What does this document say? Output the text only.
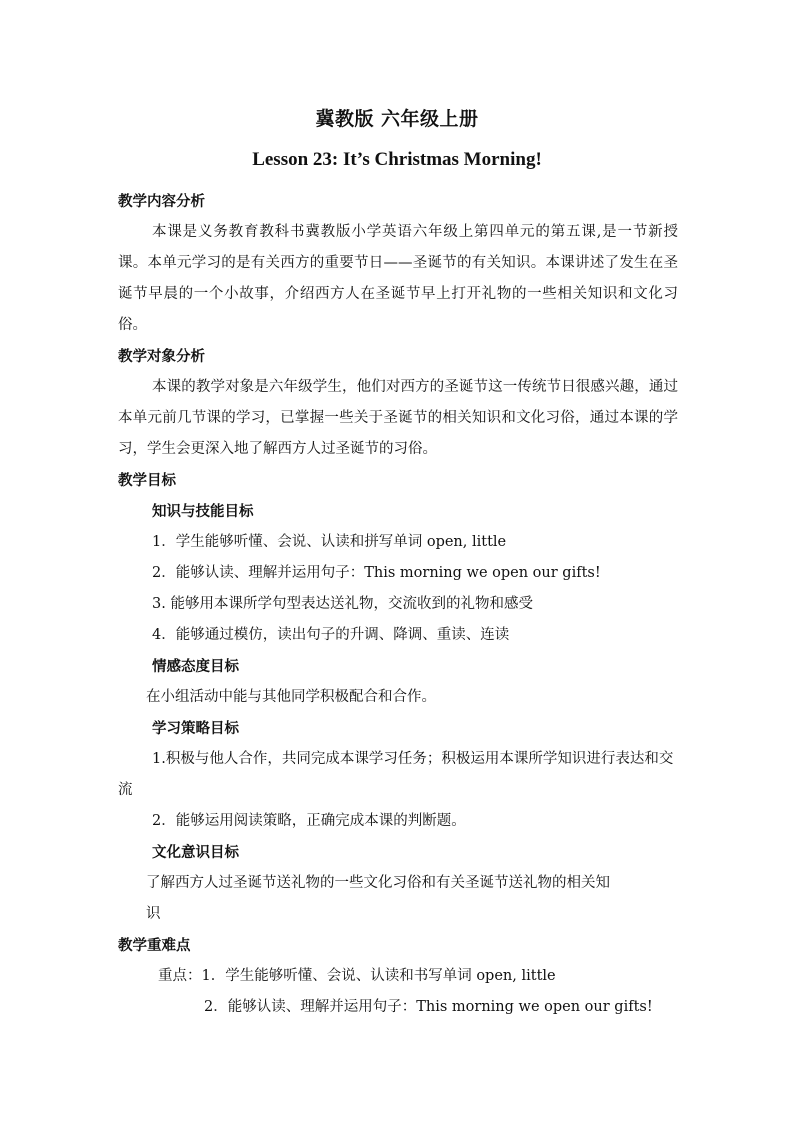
冀教版 六年级上册
Lesson 23: It’s Christmas Morning!

教学内容分析

本课是义务教育教科书冀教版小学英语六年级上第四单元的第五课,是一节新授课。本单元学习的是有关西方的重要节日——圣诞节的有关知识。本课讲述了发生在圣诞节早晨的一个小故事，介绍西方人在圣诞节早上打开礼物的一些相关知识和文化习俗。

教学对象分析

本课的教学对象是六年级学生，他们对西方的圣诞节这一传统节日很感兴趣，通过本单元前几节课的学习，已掌握一些关于圣诞节的相关知识和文化习俗，通过本课的学习，学生会更深入地了解西方人过圣诞节的习俗。

教学目标

知识与技能目标

1．学生能够听懂、会说、认读和拼写单词 open, little

2．能够认读、理解并运用句子：This morning we open our gifts!

3. 能够用本课所学句型表达送礼物，交流收到的礼物和感受

4．能够通过模仿，读出句子的升调、降调、重读、连读

情感态度目标

在小组活动中能与其他同学积极配合和合作。

学习策略目标

1.积极与他人合作，共同完成本课学习任务；积极运用本课所学知识进行表达和交流

2．能够运用阅读策略，正确完成本课的判断题。

文化意识目标

了解西方人过圣诞节送礼物的一些文化习俗和有关圣诞节送礼物的相关知

识

教学重难点

重点：1．学生能够听懂、会说、认读和书写单词 open, little

2．能够认读、理解并运用句子：This morning we open our gifts!
